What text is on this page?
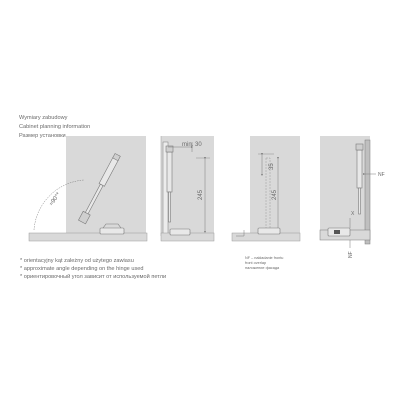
Wymiary zabudowy
Cabinet planning information
Размер установки
≈90°*
min. 30
245
35
245
NF
X
NF
* orientacyjny kąt zależny od użytego zawiasu
* approximate angle depending on the hinge used
* ориентировочный угол зависит от используемой петли
NF – nakładanie frontu
front overlap
наложение фасада
